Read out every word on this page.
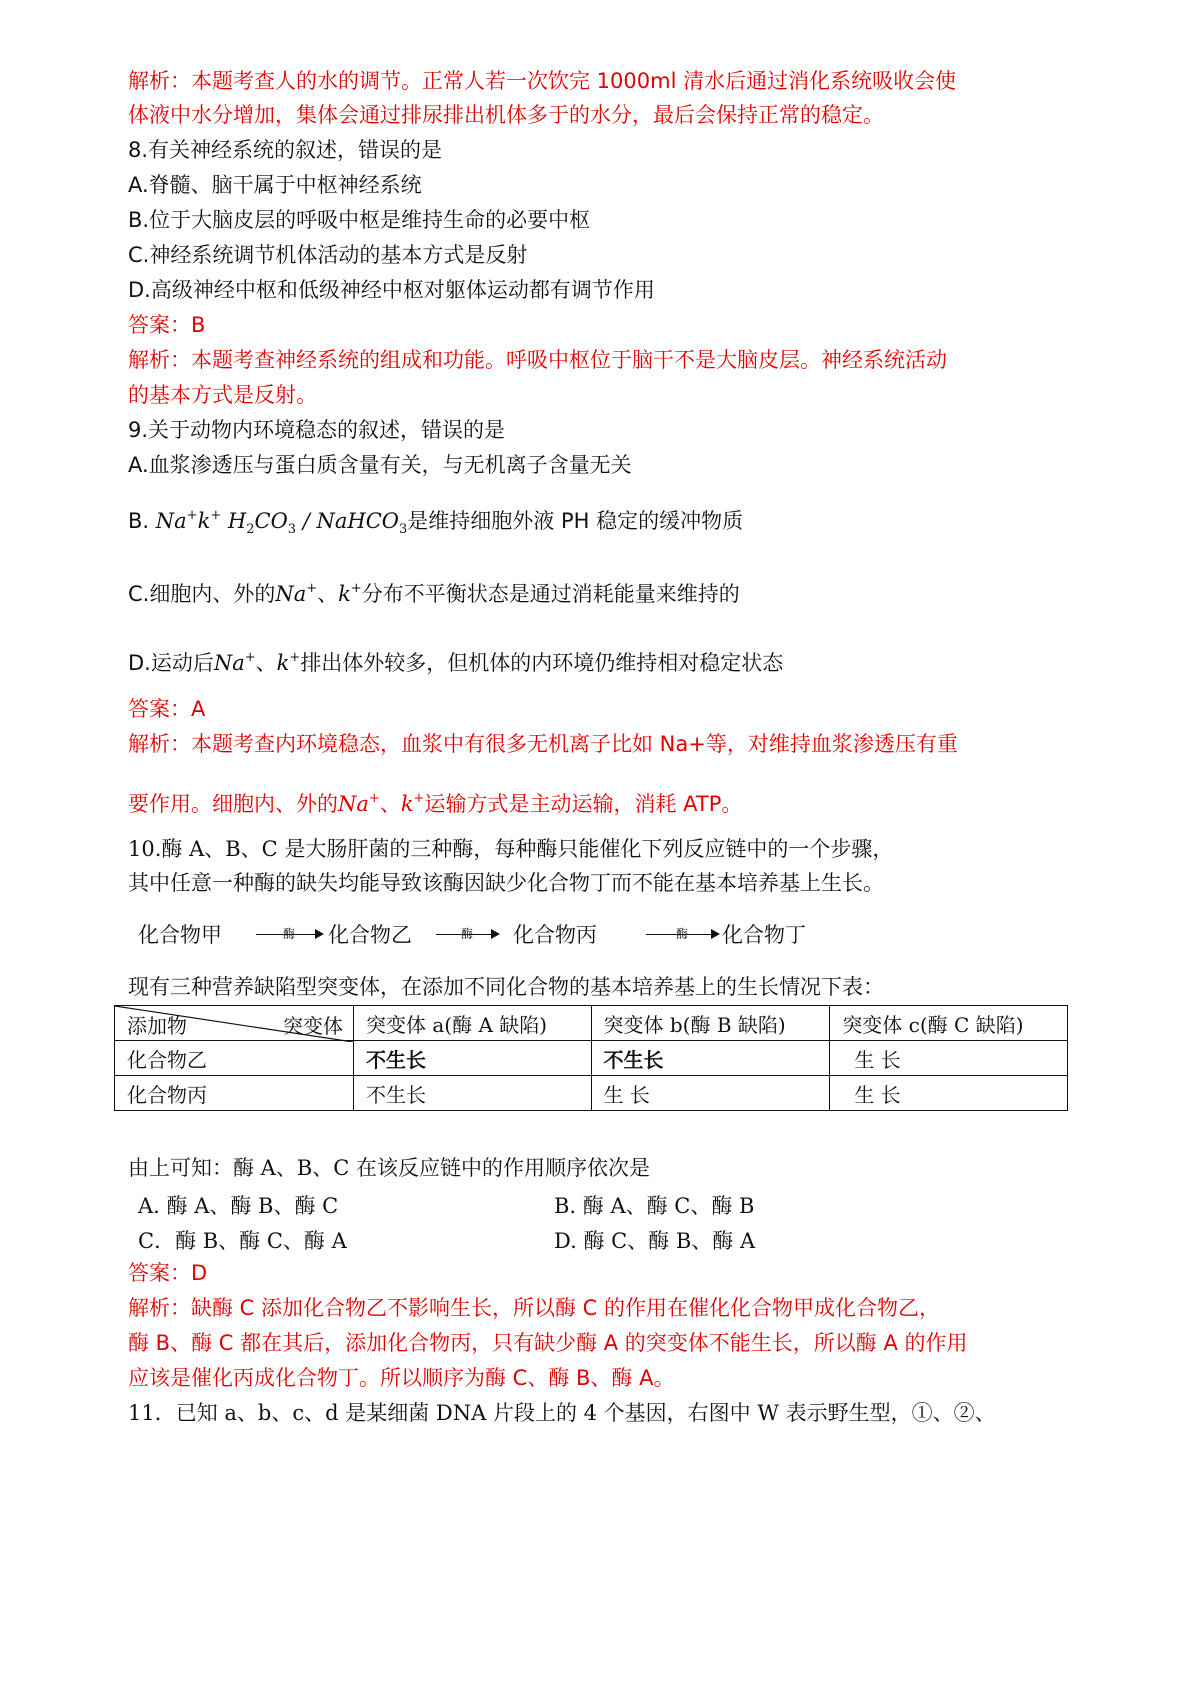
解析：本题考查人的水的调节。正常人若一次饮完 1000ml 清水后通过消化系统吸收会使
体液中水分增加，集体会通过排尿排出机体多于的水分，最后会保持正常的稳定。
8.有关神经系统的叙述，错误的是
A.脊髓、脑干属于中枢神经系统
B.位于大脑皮层的呼吸中枢是维持生命的必要中枢
C.神经系统调节机体活动的基本方式是反射
D.高级神经中枢和低级神经中枢对躯体运动都有调节作用
答案：B
解析：本题考查神经系统的组成和功能。呼吸中枢位于脑干不是大脑皮层。神经系统活动
的基本方式是反射。
9.关于动物内环境稳态的叙述，错误的是
A.血浆渗透压与蛋白质含量有关，与无机离子含量无关
B. Na+k+ $H_2CO_3$ / NaHCO$_3$是维持细胞外液 PH 稳定的缓冲物质
C.细胞内、外的Na+、k+分布不平衡状态是通过消耗能量来维持的
D.运动后Na+、k+排出体外较多，但机体的内环境仍维持相对稳定状态
答案：A
解析：本题考查内环境稳态，血浆中有很多无机离子比如 Na+等，对维持血浆渗透压有重
要作用。细胞内、外的Na+、k+运输方式是主动运输，消耗 ATP。
10.酶 A、B、C 是大肠肝菌的三种酶，每种酶只能催化下列反应链中的一个步骤，
其中任意一种酶的缺失均能导致该酶因缺少化合物丁而不能在基本培养基上生长。
化合物甲	酶	化合物乙	酶	化合物丙	酶	化合物丁
现有三种营养缺陷型突变体，在添加不同化合物的基本培养基上的生长情况下表：
添加物 突变体	突变体 a(酶 A 缺陷)	突变体 b(酶 B 缺陷)	突变体 c(酶 C 缺陷)
化合物乙	不生长	不生长	生 长
化合物丙	不生长	生 长	生 长
由上可知：酶 A、B、C 在该反应链中的作用顺序依次是
A. 酶 A、酶 B、酶 C	B. 酶 A、酶 C、酶 B
C．酶 B、酶 C、酶 A	D. 酶 C、酶 B、酶 A
答案：D
解析：缺酶 C 添加化合物乙不影响生长，所以酶 C 的作用在催化化合物甲成化合物乙，
酶 B、酶 C 都在其后，添加化合物丙，只有缺少酶 A 的突变体不能生长，所以酶 A 的作用
应该是催化丙成化合物丁。所以顺序为酶 C、酶 B、酶 A。
11．已知 a、b、c、d 是某细菌 DNA 片段上的 4 个基因，右图中 W 表示野生型，①、②、
